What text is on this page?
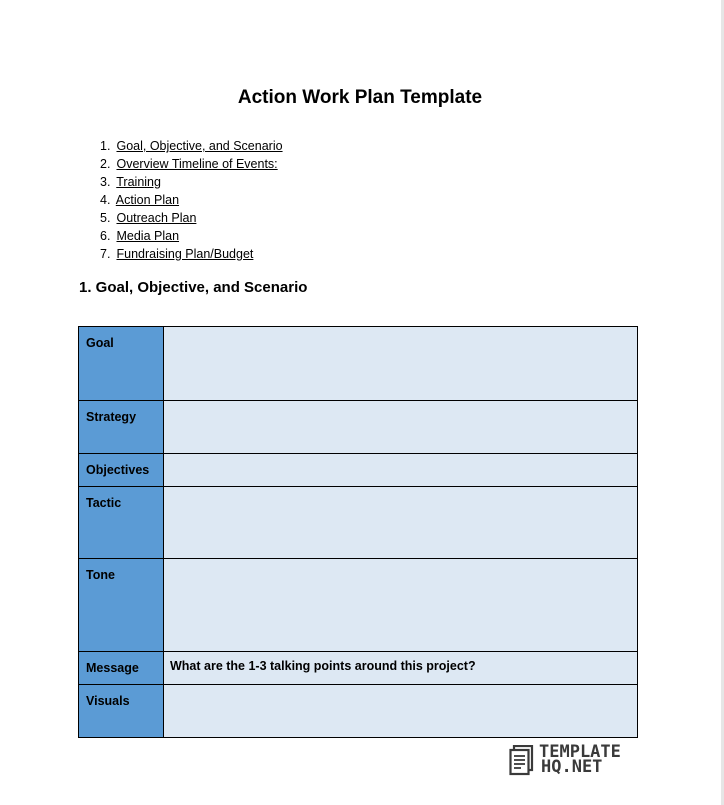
Action Work Plan Template
1. Goal, Objective, and Scenario
2. Overview Timeline of Events:
3. Training
4. Action Plan
5. Outreach Plan
6. Media Plan
7. Fundraising Plan/Budget
1. Goal, Objective, and Scenario
Goal	
Strategy	
Objectives	
Tactic	
Tone	
Message	What are the 1-3 talking points around this project?
Visuals	
TEMPLATE
HQ.NET
